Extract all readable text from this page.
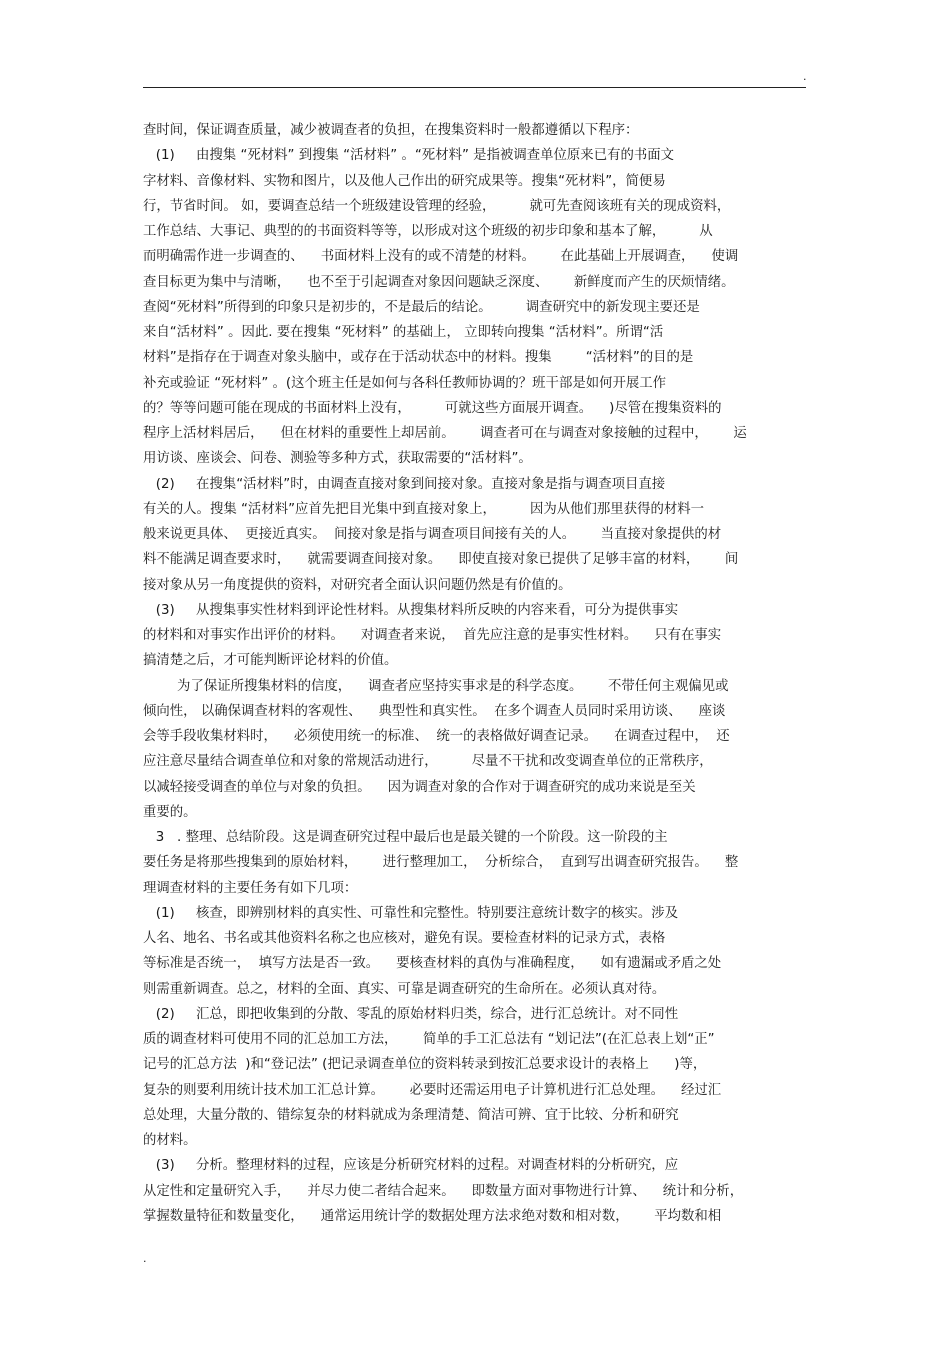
.
查时间，保证调查质量，减少被调查者的负担，在搜集资料时一般都遵循以下程序：
(1)     由搜集 “死材料” 到搜集 “活材料” 。“死材料” 是指被调查单位原来已有的书面文
字材料、音像材料、实物和图片，以及他人己作出的研究成果等。搜集“死材料”，简便易
行，节省时间。 如，要调查总结一个班级建设管理的经验，        就可先查阅该班有关的现成资料，
工作总结、大事记、典型的的书面资料等等，以形成对这个班级的初步印象和基本了解，        从
而明确需作进一步调查的、    书面材料上没有的或不清楚的材料。      在此基础上开展调查，    使调
查目标更为集中与清晰，    也不至于引起调查对象因问题缺乏深度、      新鲜度而产生的厌烦情绪。
查阅“死材料”所得到的印象只是初步的，不是最后的结论。        调查研究中的新发现主要还是
来自“活材料” 。因此. 要在搜集 “死材料” 的基础上， 立即转向搜集 “活材料”。所谓“活
材料”是指存在于调查对象头脑中，或存在于活动状态中的材料。搜集        “活材料”的目的是
补充或验证 “死材料” 。(这个班主任是如何与各科任教师协调的？班干部是如何开展工作
的？等等问题可能在现成的书面材料上没有，        可就这些方面展开调查。    )尽管在搜集资料的
程序上活材料居后，    但在材料的重要性上却居前。      调查者可在与调查对象接触的过程中，      运
用访谈、座谈会、问卷、测验等多种方式，获取需要的“活材料”。
(2)     在搜集“活材料”时，由调查直接对象到间接对象。直接对象是指与调查项目直接
有关的人。搜集 “活材料”应首先把目光集中到直接对象上，        因为从他们那里获得的材料一
般来说更具体、  更接近真实。  间接对象是指与调查项目间接有关的人。      当直接对象提供的材
料不能满足调查要求时，    就需要调查间接对象。    即使直接对象已提供了足够丰富的材料，      间
接对象从另一角度提供的资料，对研究者全面认识问题仍然是有价值的。
(3)     从搜集事实性材料到评论性材料。从搜集材料所反映的内容来看，可分为提供事实
的材料和对事实作出评价的材料。    对调查者来说，  首先应注意的是事实性材料。    只有在事实
搞清楚之后，才可能判断评论材料的价值。
为了保证所搜集材料的信度，    调查者应坚持实事求是的科学态度。      不带任何主观偏见或
倾向性， 以确保调查材料的客观性、    典型性和真实性。  在多个调查人员同时采用访谈、    座谈
会等手段收集材料时，    必须使用统一的标准、  统一的表格做好调查记录。    在调查过程中，  还
应注意尽量结合调查单位和对象的常规活动进行，        尽量不干扰和改变调查单位的正常秩序，
以减轻接受调查的单位与对象的负担。    因为调查对象的合作对于调查研究的成功来说是至关
重要的。
3   . 整理、总结阶段。这是调查研究过程中最后也是最关键的一个阶段。这一阶段的主
要任务是将那些搜集到的原始材料，      进行整理加工，  分析综合，  直到写出调查研究报告。    整
理调查材料的主要任务有如下几项：
(1)     核查，即辨别材料的真实性、可靠性和完整性。特别要注意统计数字的核实。涉及
人名、地名、书名或其他资料名称之也应核对，避免有误。要检查材料的记录方式，表格
等标准是否统一，  填写方法是否一致。    要核查材料的真伪与准确程度，    如有遗漏或矛盾之处
则需重新调查。总之，材料的全面、真实、可靠是调查研究的生命所在。必须认真对待。
(2)     汇总，即把收集到的分散、零乱的原始材料归类，综合，进行汇总统计。对不同性
质的调查材料可使用不同的汇总加工方法，      简单的手工汇总法有 “划记法”(在汇总表上划“正”
记号的汇总方法  )和“登记法” (把记录调查单位的资料转录到按汇总要求设计的表格上      )等，
复杂的则要利用统计技术加工汇总计算。      必要时还需运用电子计算机进行汇总处理。    经过汇
总处理，大量分散的、错综复杂的材料就成为条理清楚、简洁可辨、宜于比较、分析和研究
的材料。
(3)     分析。整理材料的过程，应该是分析研究材料的过程。对调查材料的分析研究，应
从定性和定量研究入手，    并尽力使二者结合起来。    即数量方面对事物进行计算、    统计和分析，
掌握数量特征和数量变化，    通常运用统计学的数据处理方法求绝对数和相对数，      平均数和相
.
